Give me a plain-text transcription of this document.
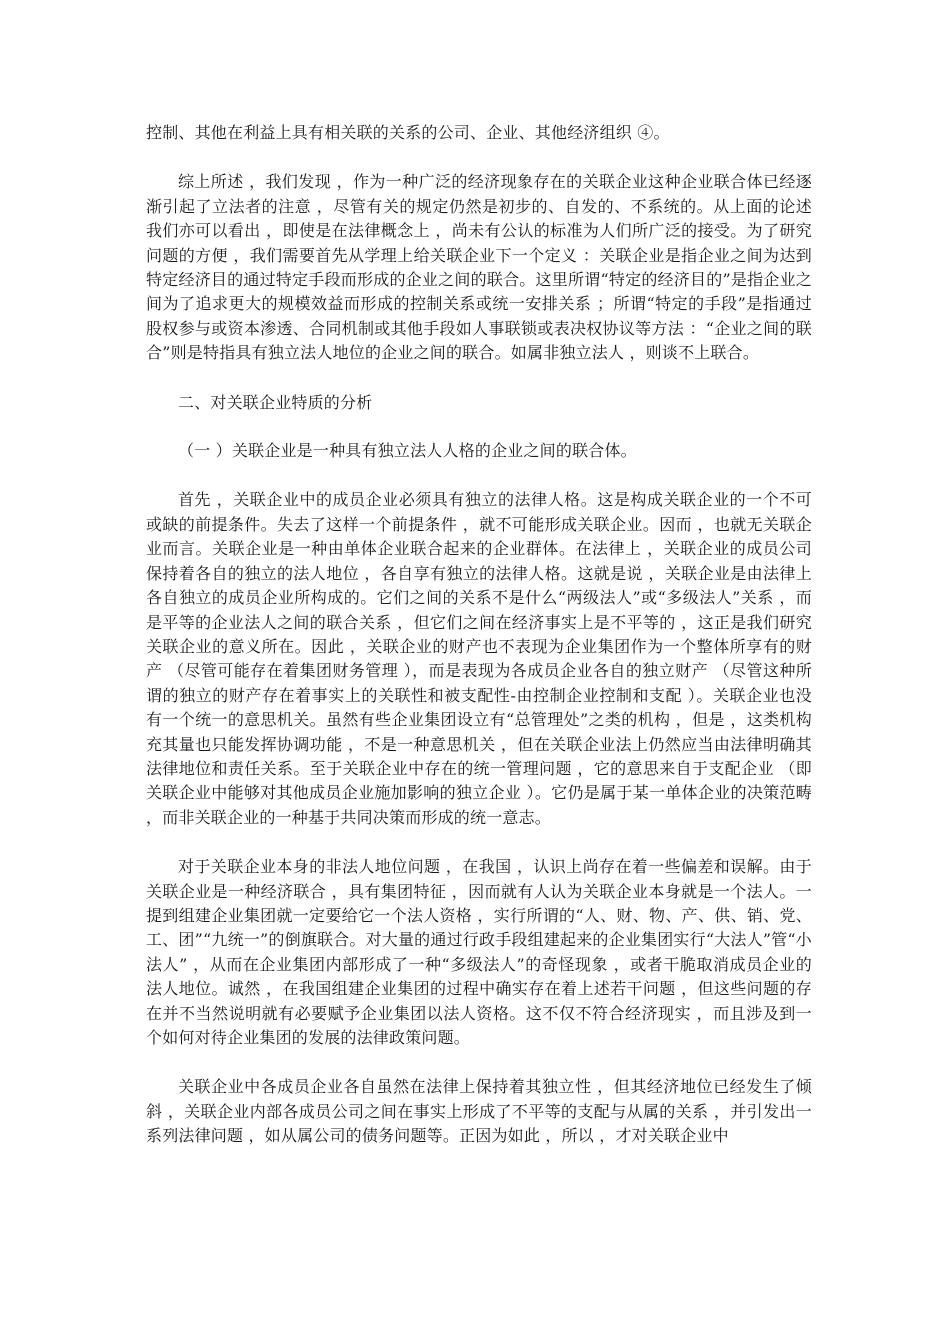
控制、其他在利益上具有相关联的关系的公司、企业、其他经济组织 ④。

综上所述 ，我们发现 ，作为一种广泛的经济现象存在的关联企业这种企业联合体已经逐渐引起了立法者的注意 ，尽管有关的规定仍然是初步的、自发的、不系统的。从上面的论述我们亦可以看出 ，即使是在法律概念上 ，尚未有公认的标准为人们所广泛的接受。为了研究问题的方便 ，我们需要首先从学理上给关联企业下一个定义 ：关联企业是指企业之间为达到特定经济目的通过特定手段而形成的企业之间的联合。这里所谓“特定的经济目的”是指企业之间为了追求更大的规模效益而形成的控制关系或统一安排关系 ；所谓“特定的手段”是指通过股权参与或资本渗透、合同机制或其他手段如人事联锁或表决权协议等方法 ：“企业之间的联合”则是特指具有独立法人地位的企业之间的联合。如属非独立法人 ，则谈不上联合。

二、对关联企业特质的分析

（一 ）关联企业是一种具有独立法人人格的企业之间的联合体。

首先 ，关联企业中的成员企业必须具有独立的法律人格。这是构成关联企业的一个不可或缺的前提条件。失去了这样一个前提条件 ，就不可能形成关联企业。因而 ，也就无关联企业而言。关联企业是一种由单体企业联合起来的企业群体。在法律上 ，关联企业的成员公司保持着各自的独立的法人地位 ，各自享有独立的法律人格。这就是说 ，关联企业是由法律上各自独立的成员企业所构成的。它们之间的关系不是什么“两级法人”或“多级法人”关系 ，而是平等的企业法人之间的联合关系 ，但它们之间在经济事实上是不平等的 ，这正是我们研究关联企业的意义所在。因此 ，关联企业的财产也不表现为企业集团作为一个整体所享有的财产 （尽管可能存在着集团财务管理 ），而是表现为各成员企业各自的独立财产 （尽管这种所谓的独立的财产存在着事实上的关联性和被支配性-由控制企业控制和支配 ）。关联企业也没有一个统一的意思机关。虽然有些企业集团设立有“总管理处”之类的机构 ，但是 ，这类机构充其量也只能发挥协调功能 ，不是一种意思机关 ，但在关联企业法上仍然应当由法律明确其法律地位和责任关系。至于关联企业中存在的统一管理问题 ，它的意思来自于支配企业 （即关联企业中能够对其他成员企业施加影响的独立企业 ）。它仍是属于某一单体企业的决策范畴 ，而非关联企业的一种基于共同决策而形成的统一意志。

对于关联企业本身的非法人地位问题 ，在我国 ，认识上尚存在着一些偏差和误解。由于关联企业是一种经济联合 ，具有集团特征 ，因而就有人认为关联企业本身就是一个法人。一提到组建企业集团就一定要给它一个法人资格 ，实行所谓的“人、财、物、产、供、销、党、工、团”“九统一”的倒旗联合。对大量的通过行政手段组建起来的企业集团实行“大法人”管“小法人” ，从而在企业集团内部形成了一种“多级法人”的奇怪现象 ，或者干脆取消成员企业的法人地位。诚然 ，在我国组建企业集团的过程中确实存在着上述若干问题 ，但这些问题的存在并不当然说明就有必要赋予企业集团以法人资格。这不仅不符合经济现实 ，而且涉及到一个如何对待企业集团的发展的法律政策问题。

关联企业中各成员企业各自虽然在法律上保持着其独立性 ，但其经济地位已经发生了倾斜 ，关联企业内部各成员公司之间在事实上形成了不平等的支配与从属的关系 ，并引发出一系列法律问题 ，如从属公司的债务问题等。正因为如此 ，所以 ，才对关联企业中
